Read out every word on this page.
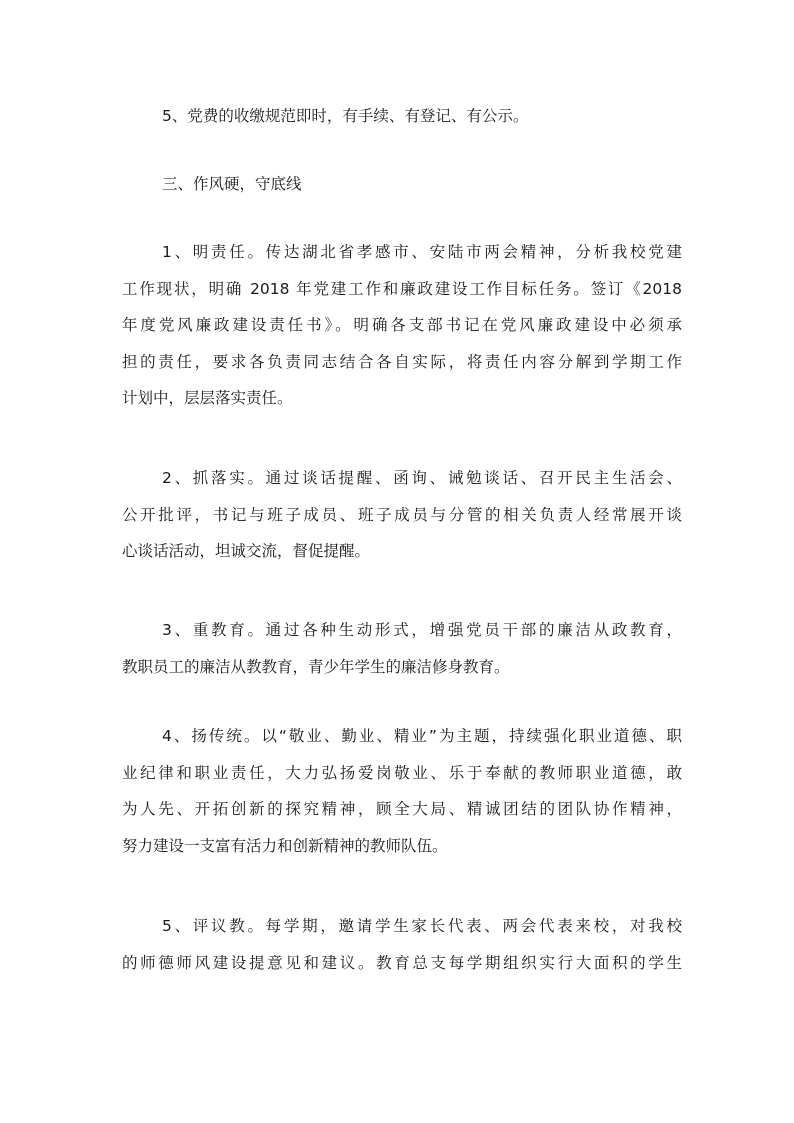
5、党费的收缴规范即时，有手续、有登记、有公示。

三、作风硬，守底线

1、明责任。传达湖北省孝感市、安陆市两会精神，分析我校党建
工作现状，明确 2018 年党建工作和廉政建设工作目标任务。签订《2018
年度党风廉政建设责任书》。明确各支部书记在党风廉政建设中必须承
担的责任，要求各负责同志结合各自实际，将责任内容分解到学期工作
计划中，层层落实责任。

2、抓落实。通过谈话提醒、函询、诫勉谈话、召开民主生活会、
公开批评，书记与班子成员、班子成员与分管的相关负责人经常展开谈
心谈话活动，坦诚交流，督促提醒。

3、重教育。通过各种生动形式，增强党员干部的廉洁从政教育，
教职员工的廉洁从教教育，青少年学生的廉洁修身教育。

4、扬传统。以“敬业、勤业、精业”为主题，持续强化职业道德、职
业纪律和职业责任，大力弘扬爱岗敬业、乐于奉献的教师职业道德，敢
为人先、开拓创新的探究精神，顾全大局、精诚团结的团队协作精神，
努力建设一支富有活力和创新精神的教师队伍。

5、评议教。每学期，邀请学生家长代表、两会代表来校，对我校
的师德师风建设提意见和建议。教育总支每学期组织实行大面积的学生
